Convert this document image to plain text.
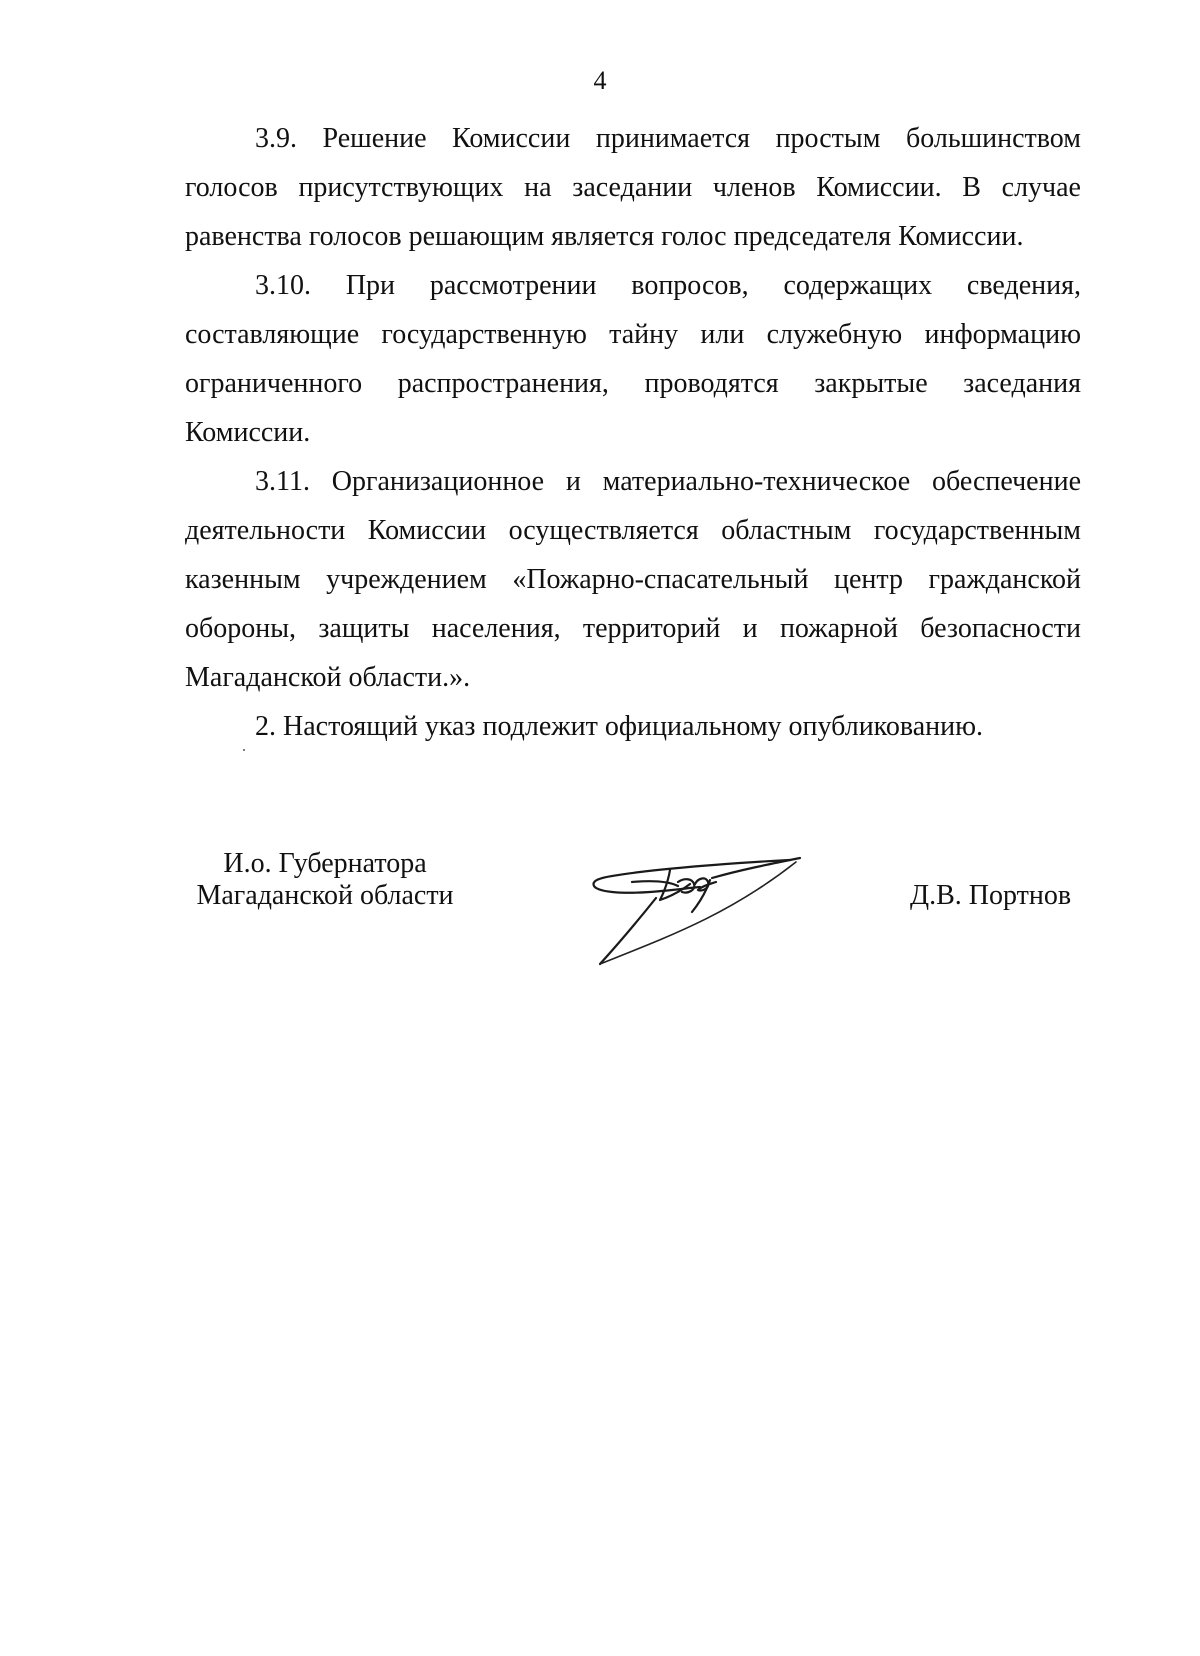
4

3.9. Решение Комиссии принимается простым большинством голосов присутствующих на заседании членов Комиссии. В случае равенства голосов решающим является голос председателя Комиссии.

3.10. При рассмотрении вопросов, содержащих сведения, составляющие государственную тайну или служебную информацию ограниченного распространения, проводятся закрытые заседания Комиссии.

3.11. Организационное и материально-техническое обеспечение деятельности Комиссии осуществляется областным государственным казенным учреждением «Пожарно-спасательный центр гражданской обороны, защиты населения, территорий и пожарной безопасности Магаданской области.».

2. Настоящий указ подлежит официальному опубликованию.

И.о. Губернатора
Магаданской области	Д.В. Портнов
